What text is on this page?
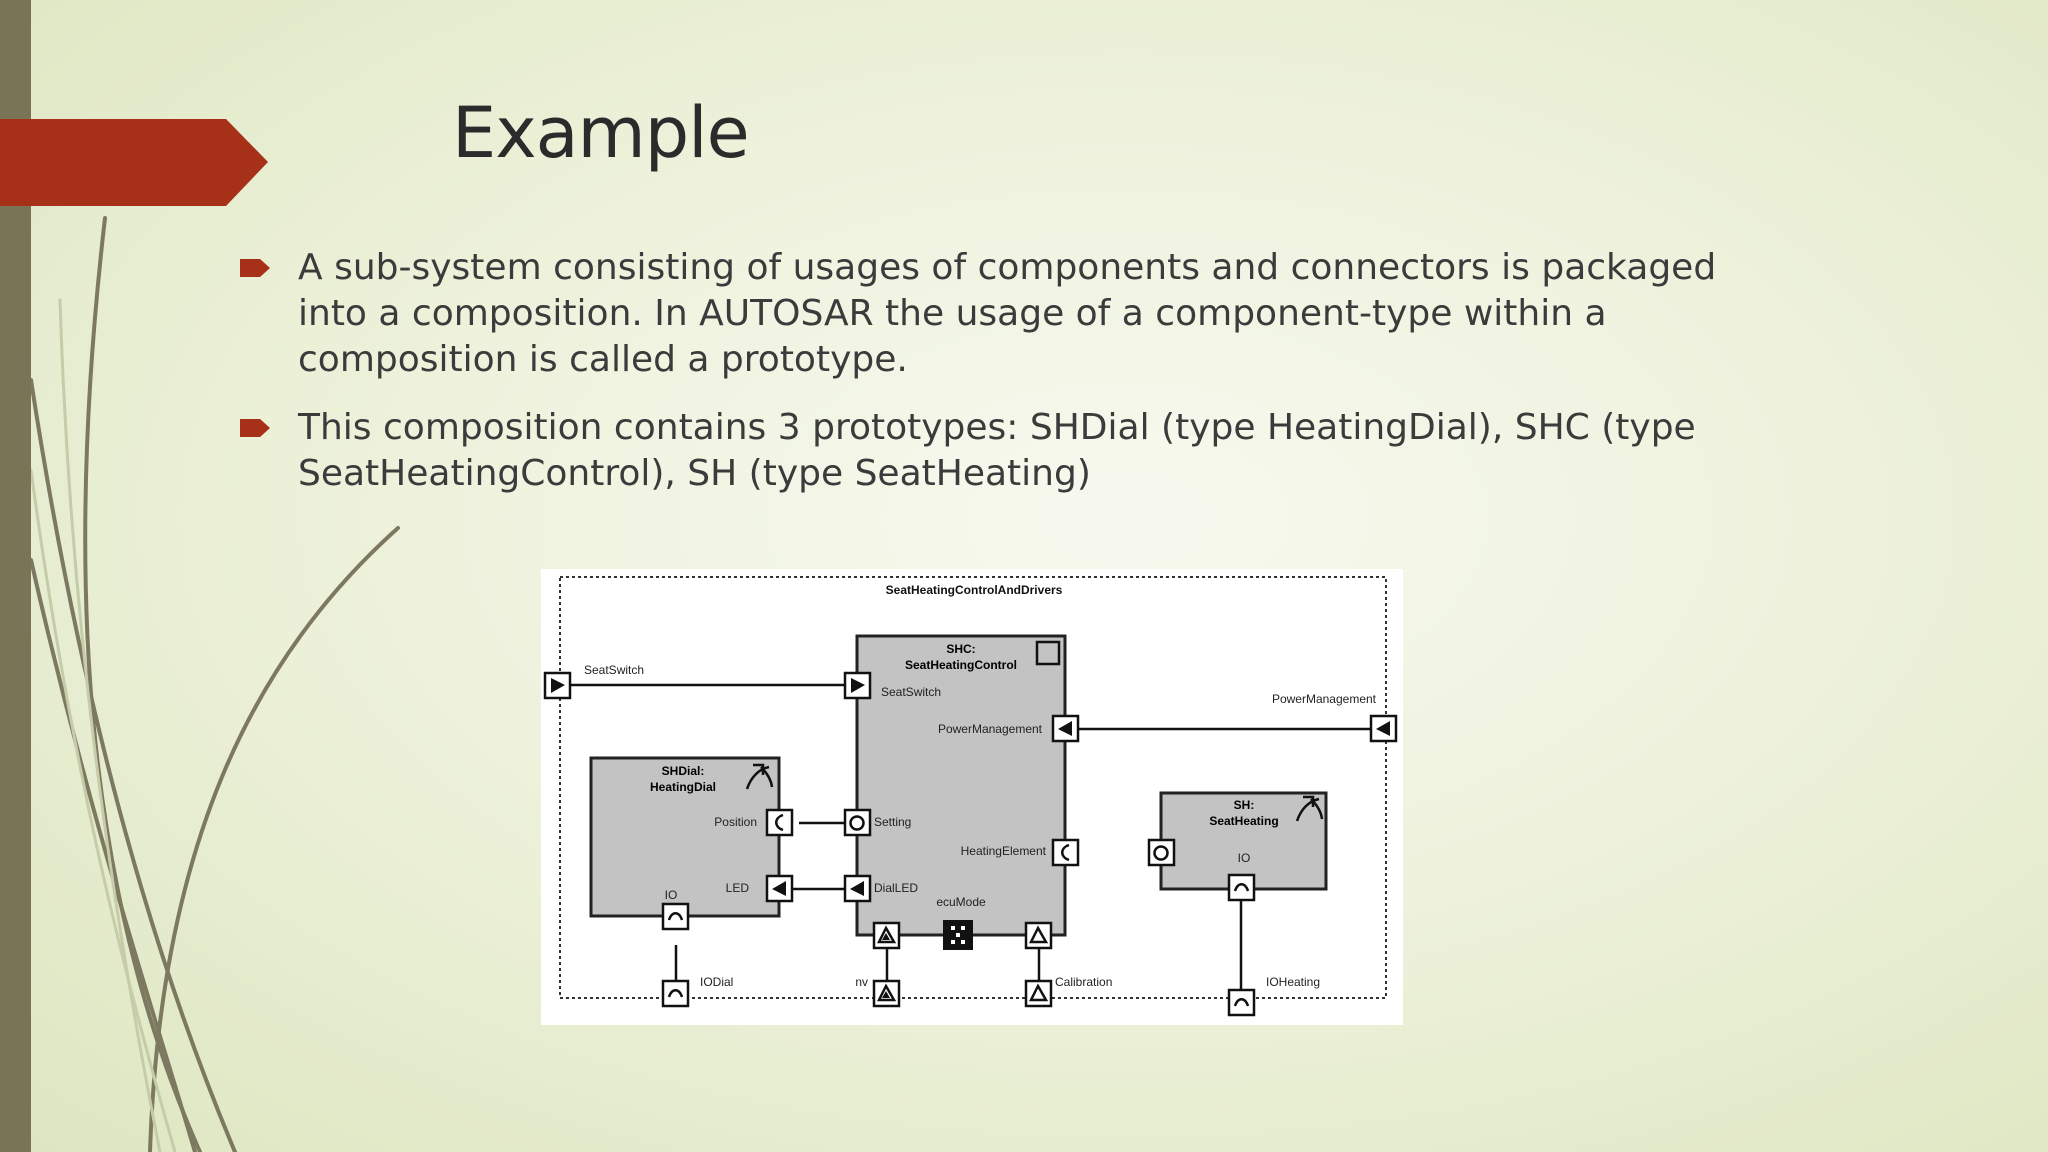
Example
A sub-system consisting of usages of components and connectors is packaged into a composition. In AUTOSAR the usage of a component-type within a composition is called a prototype.
This composition contains 3 prototypes: SHDial (type HeatingDial), SHC (type SeatHeatingControl), SH (type SeatHeating)
SeatHeatingControlAndDrivers
SHC:
SeatHeatingControl
SHDial:
HeatingDial
SH:
SeatHeating
SeatSwitch
SeatSwitch
PowerManagement
PowerManagement
Position	Setting
LED	DialLED
HeatingElement
ecuMode
IO
IO
IODial	nv	Calibration	IOHeating
